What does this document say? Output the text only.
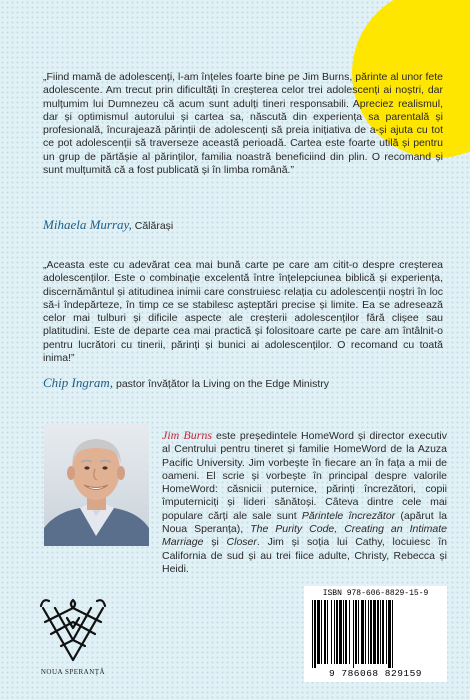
„Fiind mamă de adolescenți, l-am înțeles foarte bine pe Jim Burns, părinte al unor fete adolescente. Am trecut prin dificultăți în creșterea celor trei adolescenți ai noștri, dar mulțumim lui Dumnezeu că acum sunt adulți tineri responsabili. Apreciez realismul, dar și optimismul autorului și cartea sa, născută din experiența sa parentală și profesională, încurajează părinții de adolescenți să preia inițiativa de a-și ajuta cu tot ce pot adolescenții să traverseze această perioadă. Cartea este foarte utilă și pentru un grup de părtășie al părinților, familia noastră beneficiind din plin. O recomand și sunt mulțumită că a fost publicată și în limba română.”
Mihaela Murray, Călărași
„Aceasta este cu adevărat cea mai bună carte pe care am citit-o despre creșterea adolescenților. Este o combinație excelentă între înțelepciunea biblică și experiența, discernământul și atitudinea inimii care construiesc relația cu adolescenții noștri în loc să-i îndepărteze, în timp ce se stabilesc așteptări precise și limite. Ea se adresează celor mai tulburi și dificile aspecte ale creșterii adolescenților fără clișee sau platitudini. Este de departe cea mai practică și folositoare carte pe care am întâlnit-o pentru lucrători cu tinerii, părinți și bunici ai adolescenților. O recomand cu toată inima!”
Chip Ingram, pastor învățător la Living on the Edge Ministry
Jim Burns este președintele HomeWord și director executiv al Centrului pentru tineret și familie HomeWord de la Azuza Pacific University. Jim vorbește în fiecare an în fața a mii de oameni. El scrie și vorbește în principal despre valorile HomeWord: căsnicii puternice, părinți încrezători, copii împuterniciți și lideri sănătoși. Câteva dintre cele mai populare cărți ale sale sunt Părintele încrezător (apărut la Noua Speranța), The Purity Code, Creating an Intimate Marriage și Closer. Jim și soția lui Cathy, locuiesc în California de sud și au trei fiice adulte, Christy, Rebecca și Heidi.
NOUA SPERANȚĂ
ISBN 978-606-8829-15-9
9 786068 829159
